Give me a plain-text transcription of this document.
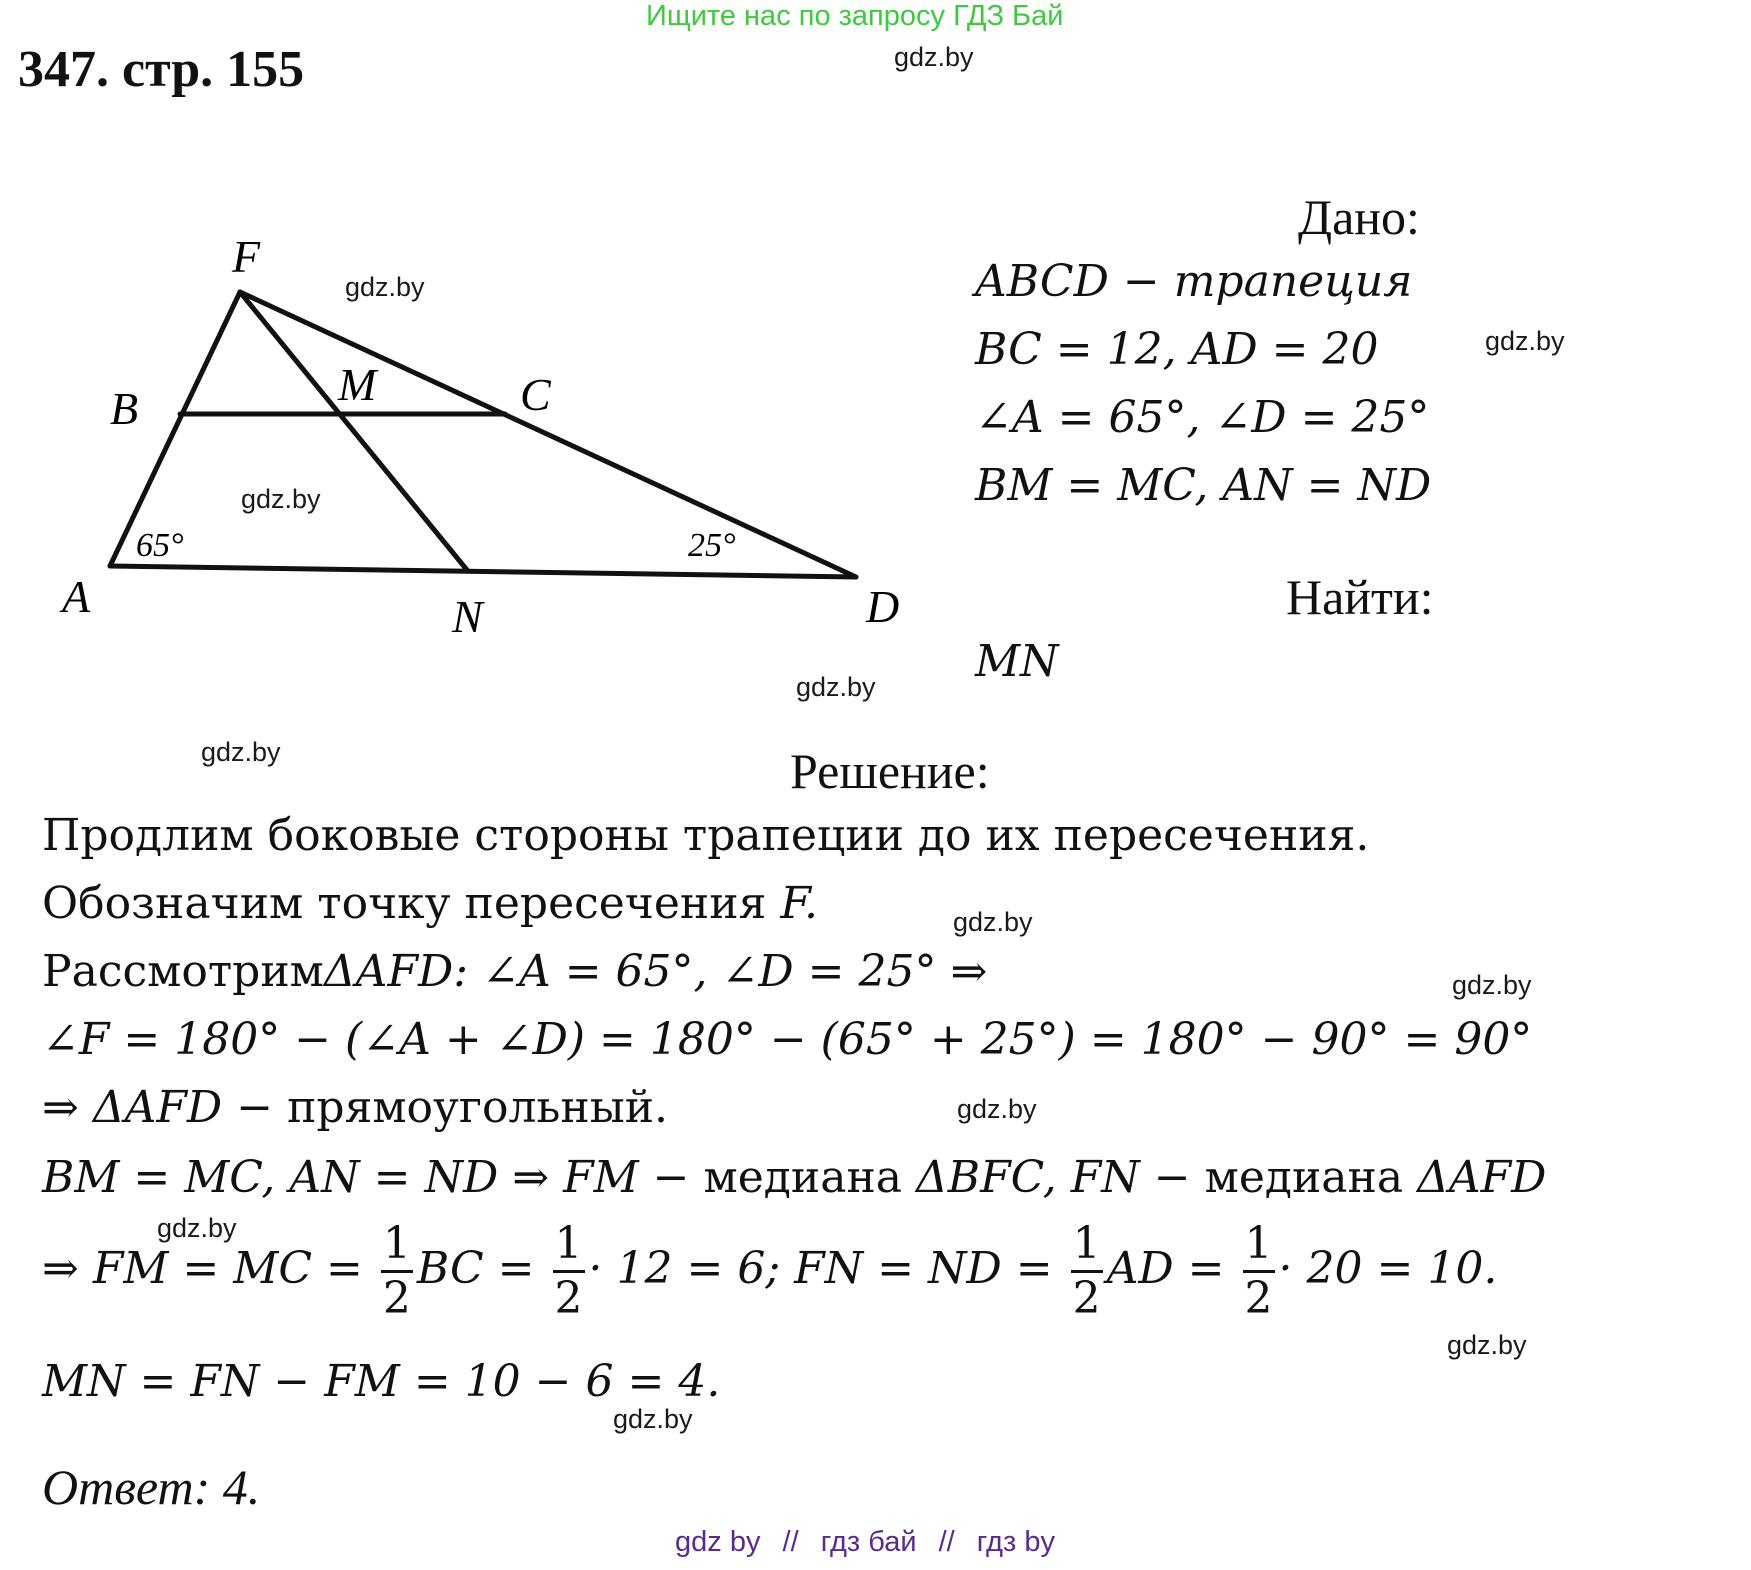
Ищите нас по запросу ГДЗ Бай
347. стр. 155	gdz.by
gdz.by
gdz.by
gdz.by
gdz.by
gdz.by
gdz.by
gdz.by
gdz.by
gdz.by
gdz.by
gdz.by
F
B	M	C
A	N	D
65°	25°
Дано:
ABCD − трапеция
BC = 12, AD = 20
∠A = 65°, ∠D = 25°
BM = MC, AN = ND
Найти:
MN
Решение:
Продлим боковые стороны трапеции до их пересечения.
Обозначим точку пересечения F.
РассмотримΔAFD: ∠A = 65°, ∠D = 25° ⇒
∠F = 180° − (∠A + ∠D) = 180° − (65° + 25°) = 180° − 90° = 90°
⇒ ΔAFD − прямоугольный.
BM = MC, AN = ND ⇒ FM − медиана ΔBFC, FN − медиана ΔAFD
⇒ FM = MC = $\frac{1}{2}$ BC = $\frac{1}{2} \cdot 12 = 6$; FN = ND = $\frac{1}{2}$ AD = $\frac{1}{2} \cdot 20 = 10$.
MN = FN − FM = 10 − 6 = 4.
Ответ: 4.
gdz by // гдз бай // гдз by
